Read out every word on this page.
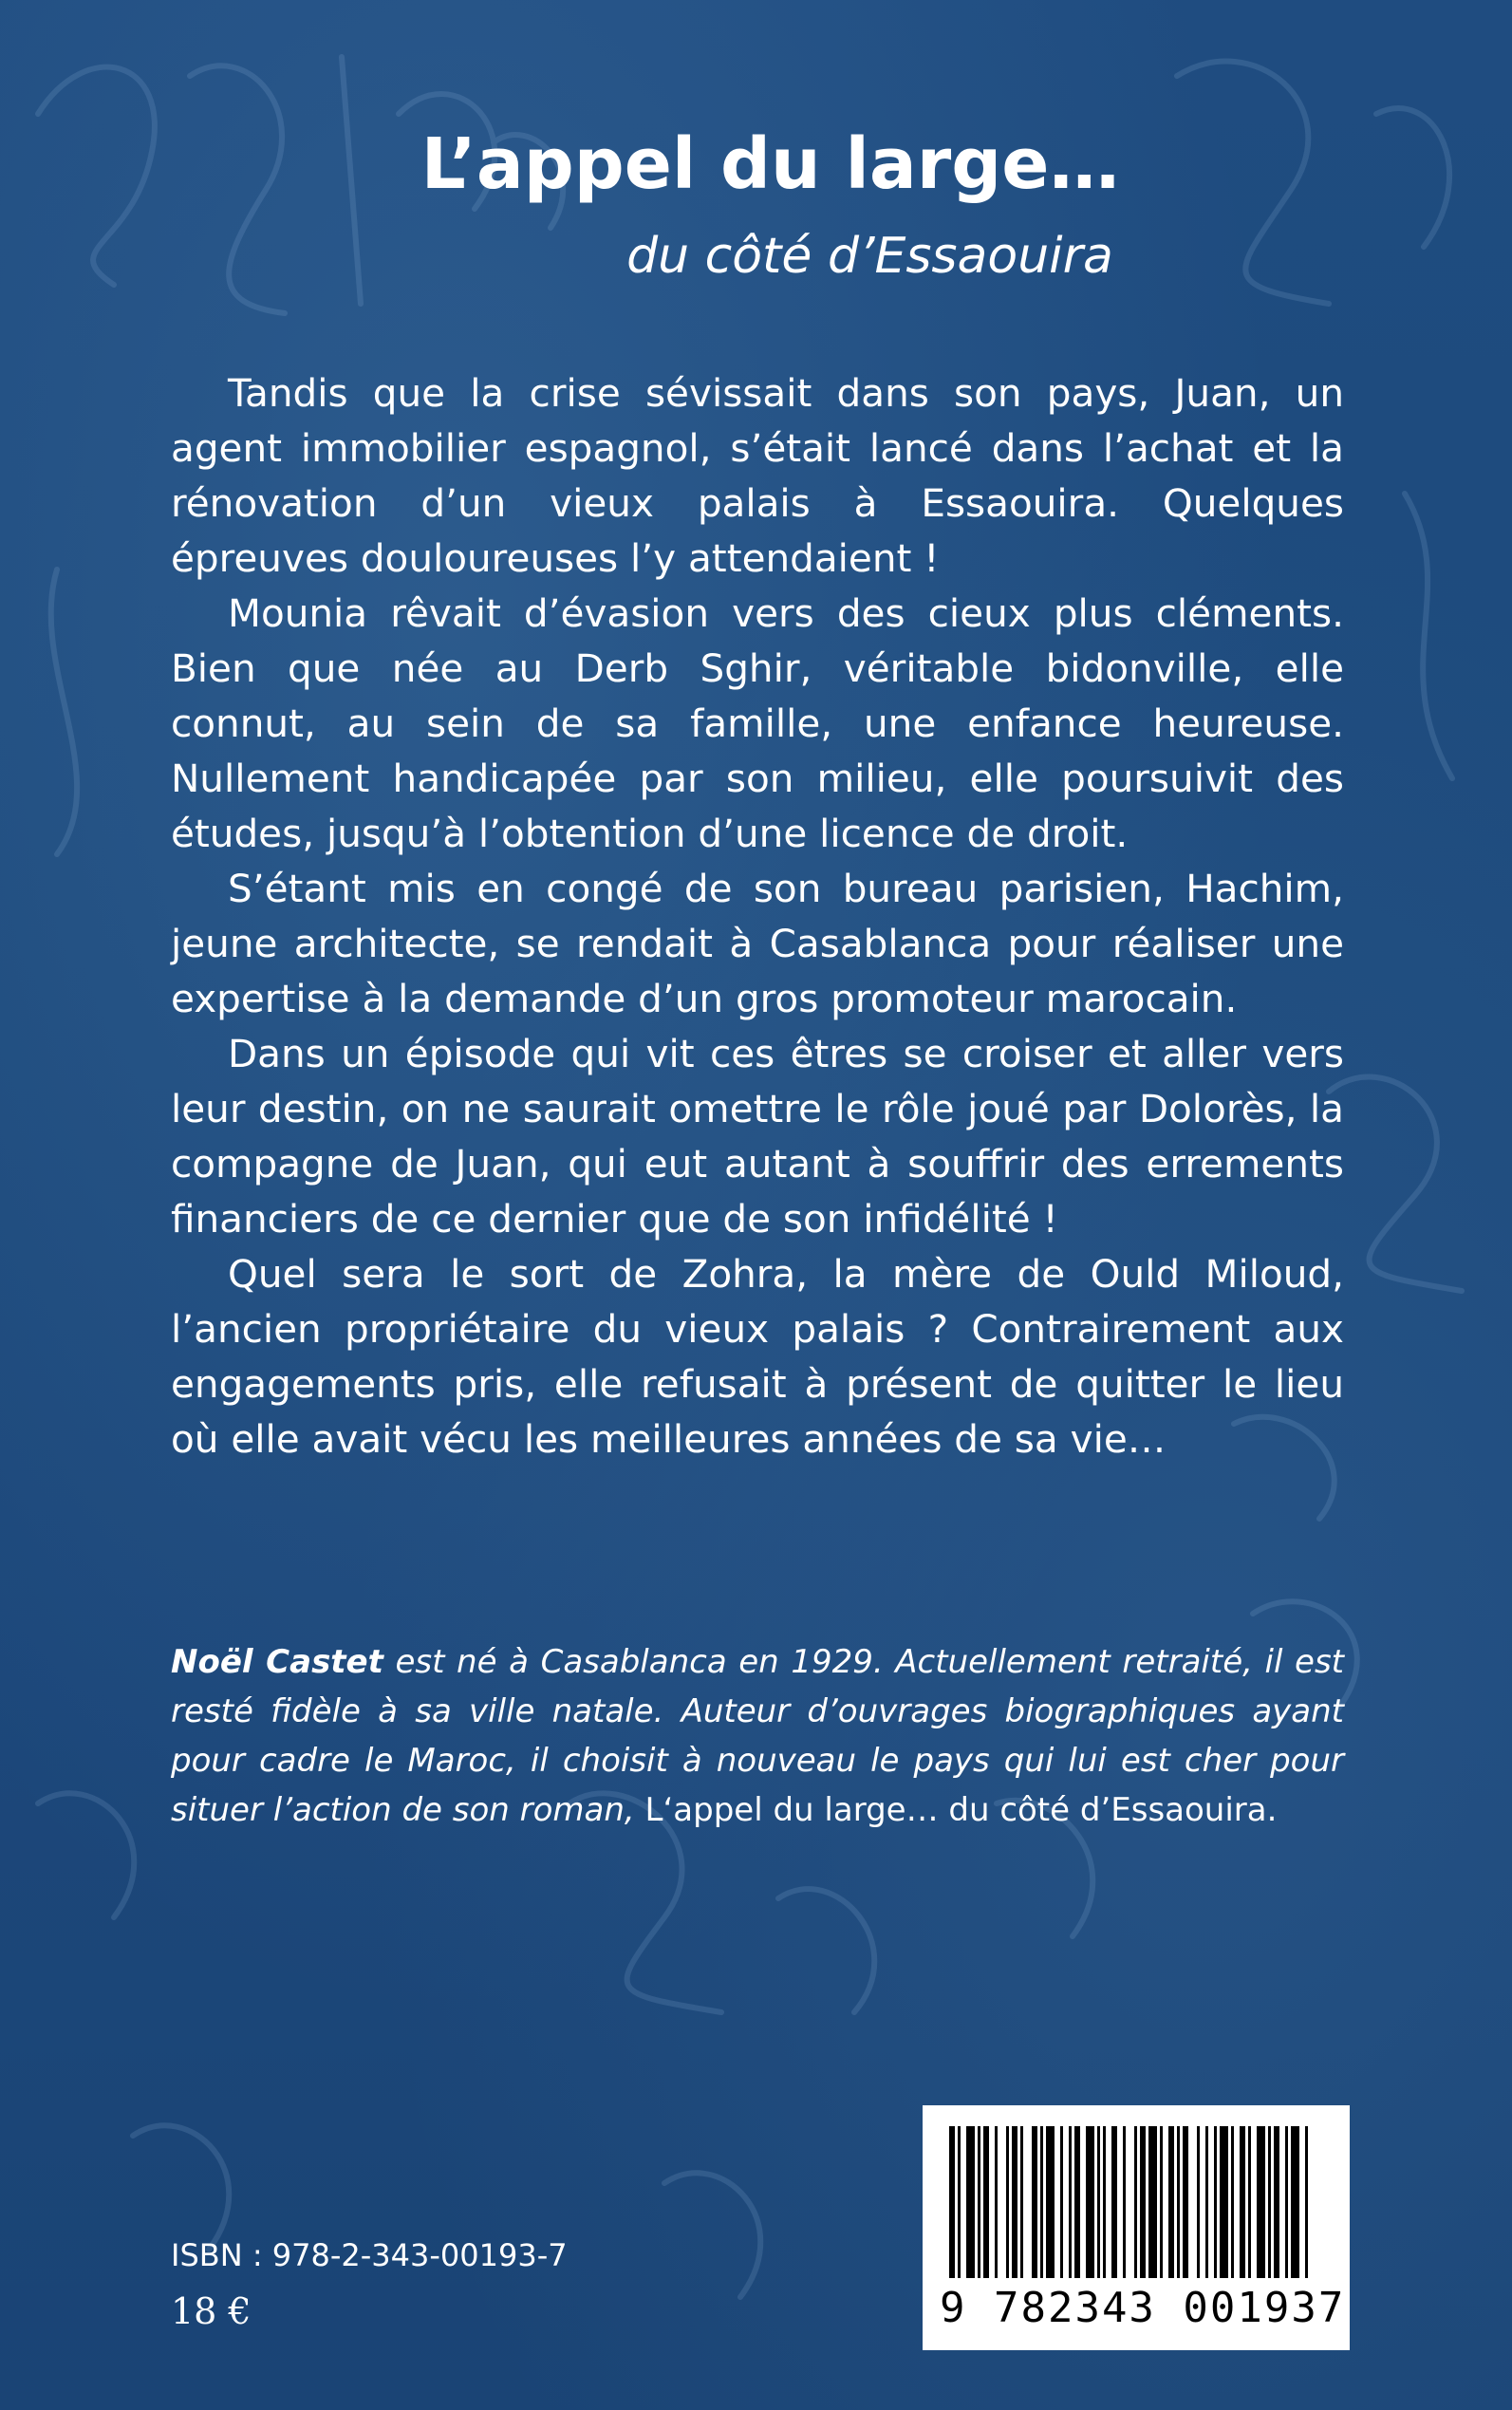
L’appel du large…
du côté d’Essaouira

Tandis que la crise sévissait dans son pays, Juan, un agent immobilier espagnol, s’était lancé dans l’achat et la rénovation d’un vieux palais à Essaouira. Quelques épreuves douloureuses l’y attendaient !

Mounia rêvait d’évasion vers des cieux plus cléments. Bien que née au Derb Sghir, véritable bidonville, elle connut, au sein de sa famille, une enfance heureuse. Nullement handicapée par son milieu, elle poursuivit des études, jusqu’à l’obtention d’une licence de droit.

S’étant mis en congé de son bureau parisien, Hachim, jeune architecte, se rendait à Casablanca pour réaliser une expertise à la demande d’un gros promoteur marocain.

Dans un épisode qui vit ces êtres se croiser et aller vers leur destin, on ne saurait omettre le rôle joué par Dolorès, la compagne de Juan, qui eut autant à souffrir des errements financiers de ce dernier que de son infidélité !

Quel sera le sort de Zohra, la mère de Ould Miloud, l’ancien propriétaire du vieux palais ? Contrairement aux engagements pris, elle refusait à présent de quitter le lieu où elle avait vécu les meilleures années de sa vie…

Noël Castet est né à Casablanca en 1929. Actuellement retraité, il est resté fidèle à sa ville natale. Auteur d’ouvrages biographiques ayant pour cadre le Maroc, il choisit à nouveau le pays qui lui est cher pour situer l’action de son roman, L‘appel du large… du côté d’Essaouira.
ISBN : 978-2-343-00193-7
18 €	9 782343 001937
